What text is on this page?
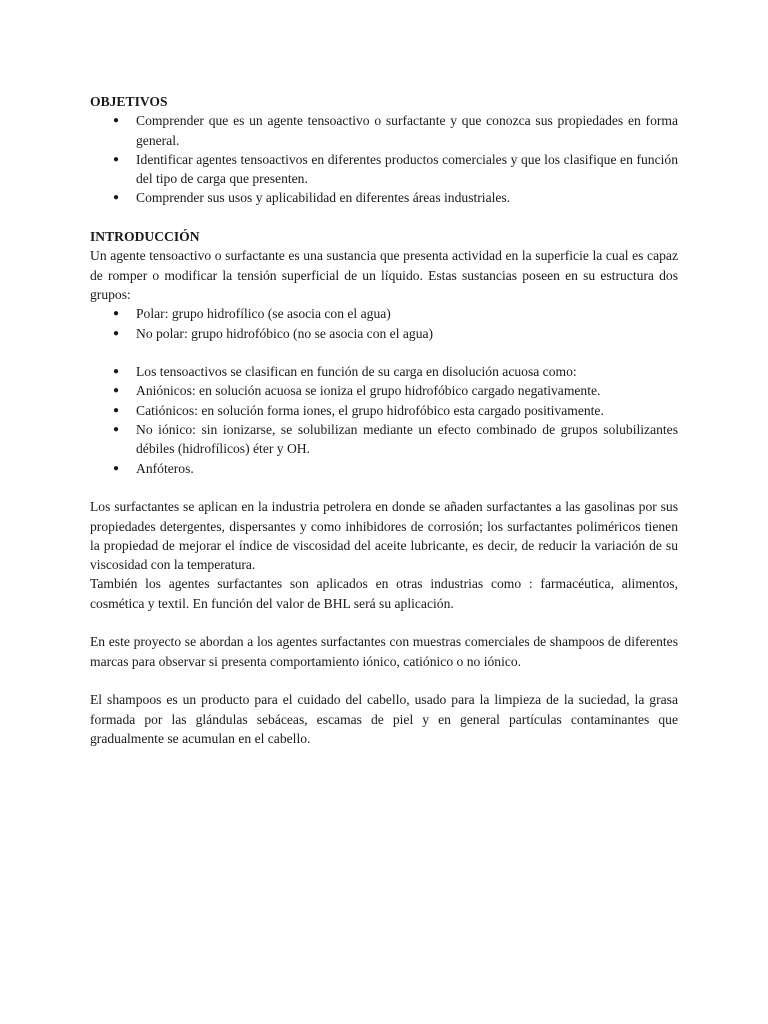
OBJETIVOS
● Comprender que es un agente tensoactivo o surfactante y que conozca sus propiedades en forma general.
● Identificar agentes tensoactivos en diferentes productos comerciales y que los clasifique en función del tipo de carga que presenten.
● Comprender sus usos y aplicabilidad en diferentes áreas industriales.
INTRODUCCIÓN

Un agente tensoactivo o surfactante es una sustancia que presenta actividad en la superficie la cual es capaz de romper o modificar la tensión superficial de un líquido. Estas sustancias poseen en su estructura dos grupos:

● Polar: grupo hidrofílico (se asocia con el agua)
● No polar: grupo hidrofóbico (no se asocia con el agua)
● Los tensoactivos se clasifican en función de su carga en disolución acuosa como:
● Aniónicos: en solución acuosa se ioniza el grupo hidrofóbico cargado negativamente.
● Catiónicos: en solución forma iones, el grupo hidrofóbico esta cargado positivamente.
● No iónico: sin ionizarse, se solubilizan mediante un efecto combinado de grupos solubilizantes débiles (hidrofílicos) éter y OH.
● Anfóteros.

Los surfactantes se aplican en la industria petrolera en donde se añaden surfactantes a las gasolinas por sus propiedades detergentes, dispersantes y como inhibidores de corrosión; los surfactantes poliméricos tienen la propiedad de mejorar el índice de viscosidad del aceite lubricante, es decir, de reducir la variación de su viscosidad con la temperatura.

También los agentes surfactantes son aplicados en otras industrias como : farmacéutica, alimentos, cosmética y textil. En función del valor de BHL será su aplicación.

En este proyecto se abordan a los agentes surfactantes con muestras comerciales de shampoos de diferentes marcas para observar si presenta comportamiento iónico, catiónico o no iónico.

El shampoos es un producto para el cuidado del cabello, usado para la limpieza de la suciedad, la grasa formada por las glándulas sebáceas, escamas de piel y en general partículas contaminantes que gradualmente se acumulan en el cabello.
